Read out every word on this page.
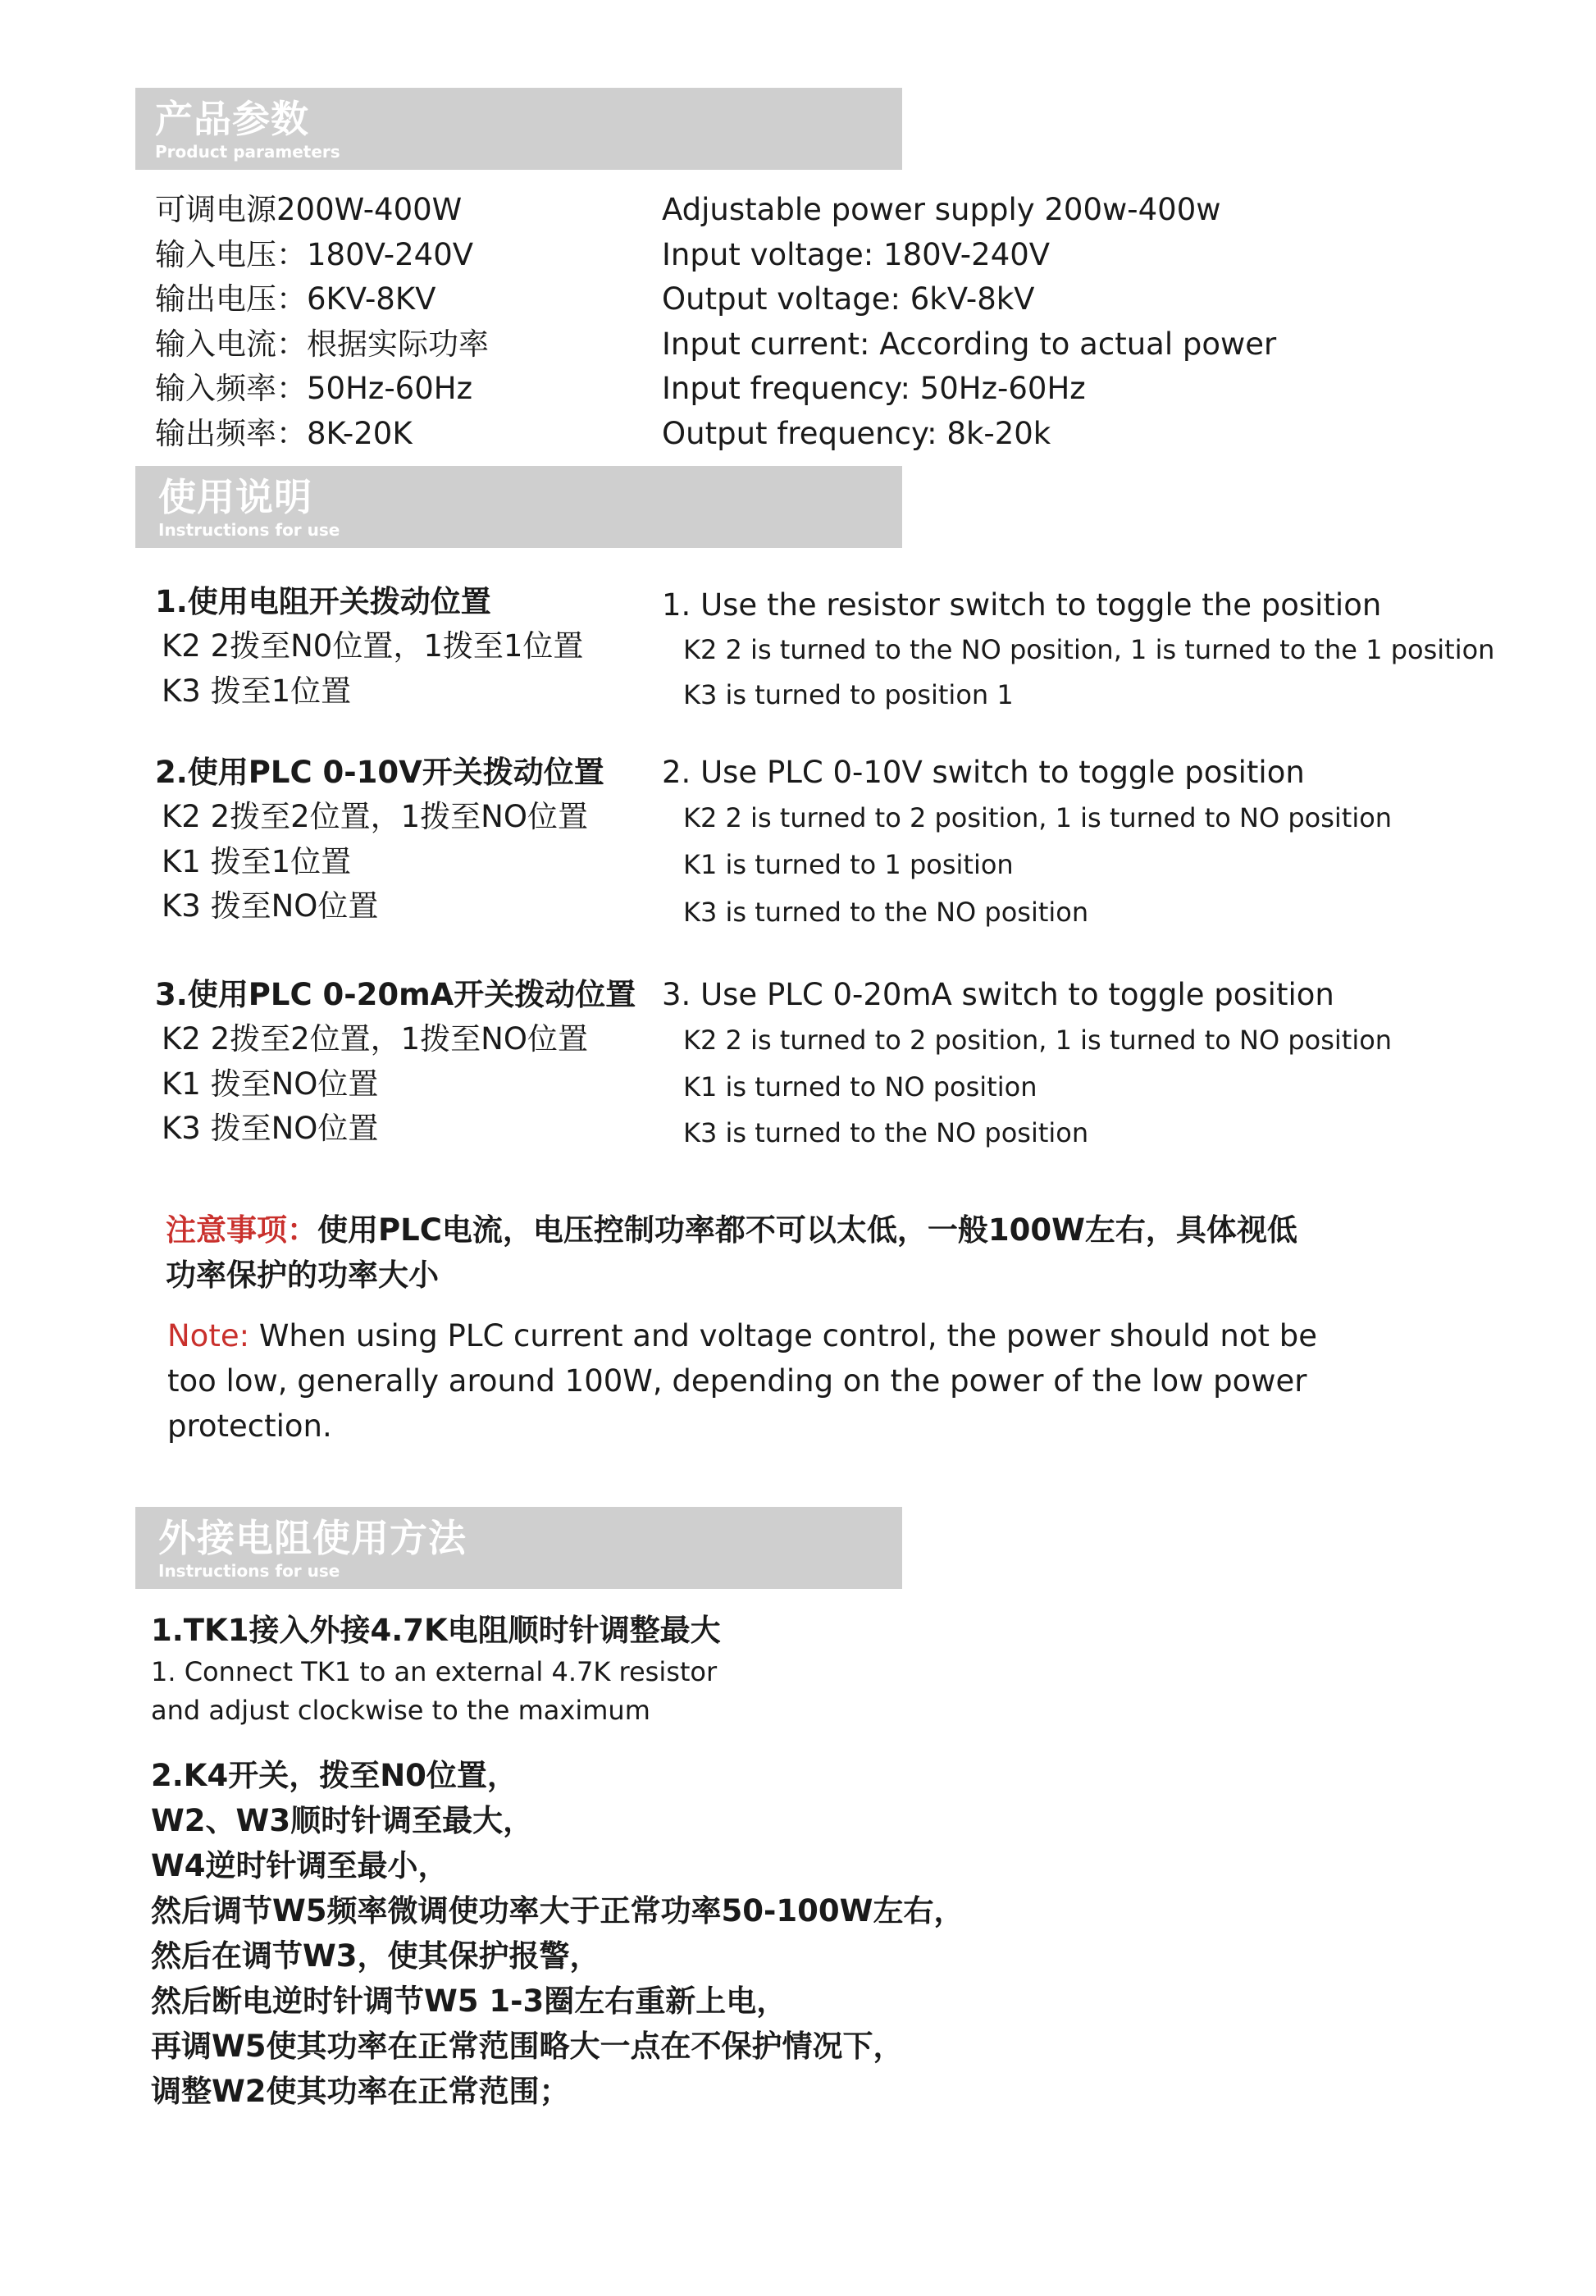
产品参数
Product parameters
可调电源200W-400W
输入电压：180V-240V
输出电压：6KV-8KV
输入电流：根据实际功率
输入频率：50Hz-60Hz
输出频率：8K-20K
Adjustable power supply 200w-400w
Input voltage: 180V-240V
Output voltage: 6kV-8kV
Input current: According to actual power
Input frequency: 50Hz-60Hz
Output frequency: 8k-20k
使用说明
Instructions for use
1.使用电阻开关拨动位置
K2 2拨至N0位置，1拨至1位置
K3 拨至1位置
1. Use the resistor switch to toggle the position
K2 2 is turned to the NO position, 1 is turned to the 1 position
K3 is turned to position 1
2.使用PLC 0-10V开关拨动位置
K2 2拨至2位置，1拨至NO位置
K1 拨至1位置
K3 拨至NO位置
2. Use PLC 0-10V switch to toggle position
K2 2 is turned to 2 position, 1 is turned to NO position
K1 is turned to 1 position
K3 is turned to the NO position
3.使用PLC 0-20mA开关拨动位置
K2 2拨至2位置，1拨至NO位置
K1 拨至NO位置
K3 拨至NO位置
3. Use PLC 0-20mA switch to toggle position
K2 2 is turned to 2 position, 1 is turned to NO position
K1 is turned to NO position
K3 is turned to the NO position
注意事项：使用PLC电流，电压控制功率都不可以太低，一般100W左右，具体视低
功率保护的功率大小
Note: When using PLC current and voltage control, the power should not be
too low, generally around 100W, depending on the power of the low power
protection.
外接电阻使用方法
Instructions for use
1.TK1接入外接4.7K电阻顺时针调整最大
1. Connect TK1 to an external 4.7K resistor
and adjust clockwise to the maximum
2.K4开关，拨至N0位置，
W2、W3顺时针调至最大，
W4逆时针调至最小，
然后调节W5频率微调使功率大于正常功率50-100W左右，
然后在调节W3，使其保护报警，
然后断电逆时针调节W5 1-3圈左右重新上电，
再调W5使其功率在正常范围略大一点在不保护情况下，
调整W2使其功率在正常范围；
